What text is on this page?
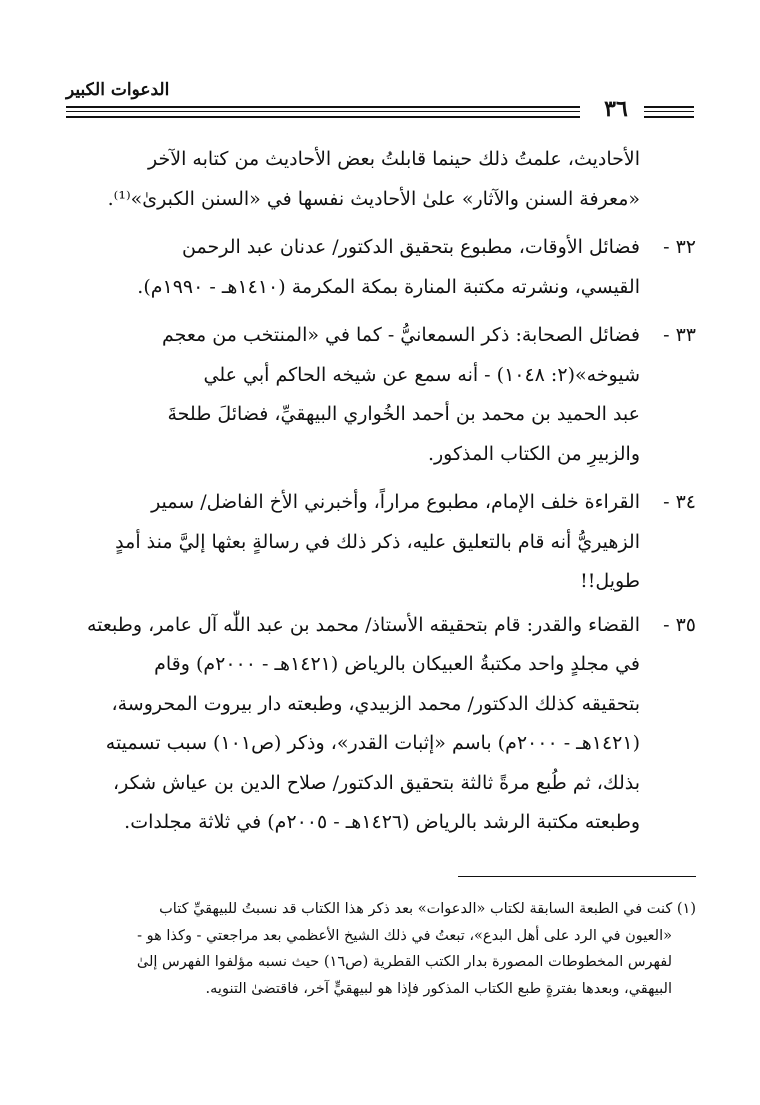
الدعوات الكبير
٣٦
الأحاديث، علمتُ ذلك حينما قابلتُ بعض الأحاديث من كتابه الآخر
«معرفة السنن والآثار» علىٰ الأحاديث نفسها في «السنن الكبرىٰ»⁽¹⁾.
٣٢ -
فضائل الأوقات، مطبوع بتحقيق الدكتور/ عدنان عبد الرحمن
القيسي، ونشرته مكتبة المنارة بمكة المكرمة (١٤١٠هـ - ١٩٩٠م).
٣٣ -
فضائل الصحابة: ذكر السمعانيُّ - كما في «المنتخب من معجم
شيوخه»(٢: ١٠٤٨) - أنه سمع عن شيخه الحاكم أبي علي
عبد الحميد بن محمد بن أحمد الخُواري البيهقيِّ، فضائلَ طلحةَ
والزبيرِ من الكتاب المذكور.
٣٤ -
القراءة خلف الإمام، مطبوع مراراً، وأخبرني الأخ الفاضل/ سمير
الزهيريُّ أنه قام بالتعليق عليه، ذكر ذلك في رسالةٍ بعثها إليَّ منذ أمدٍ
طويل!!
٣٥ -
القضاء والقدر: قام بتحقيقه الأستاذ/ محمد بن عبد اللّٰه آل عامر، وطبعته
في مجلدٍ واحد مكتبةُ العبيكان بالرياض (١٤٢١هـ - ٢٠٠٠م) وقام
بتحقيقه كذلك الدكتور/ محمد الزبيدي، وطبعته دار بيروت المحروسة،
(١٤٢١هـ - ٢٠٠٠م) باسم «إثبات القدر»، وذكر (ص١٠١) سبب تسميته
بذلك، ثم طُبع مرةً ثالثة بتحقيق الدكتور/ صلاح الدين بن عياش شكر،
وطبعته مكتبة الرشد بالرياض (١٤٢٦هـ - ٢٠٠٥م) في ثلاثة مجلدات.
(١) كنت في الطبعة السابقة لكتاب «الدعوات» بعد ذكر هذا الكتاب قد نسبتُ للبيهقيِّ كتاب
«العيون في الرد على أهل البدع»، تبعتُ في ذلك الشيخ الأعظمي بعد مراجعتي - وكذا هو -
لفهرس المخطوطات المصورة بدار الكتب القطرية (ص١٦) حيث نسبه مؤلفوا الفهرس إلىٰ
البيهقي، وبعدها بفترةٍ طبع الكتاب المذكور فإذا هو لبيهقيٍّ آخر، فاقتضىٰ التنويه.
